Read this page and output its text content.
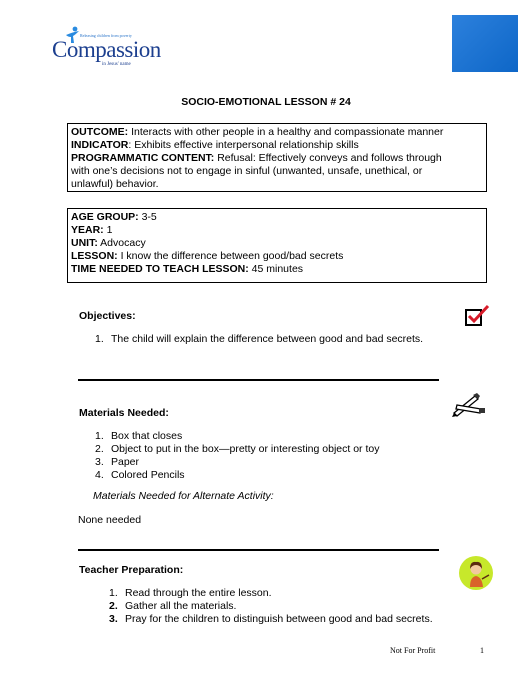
Releasing children from poverty
Compassion
in Jesus' name
SOCIO-EMOTIONAL LESSON # 24
OUTCOME: Interacts with other people in a healthy and compassionate manner
INDICATOR: Exhibits effective interpersonal relationship skills
PROGRAMMATIC CONTENT: Refusal: Effectively conveys and follows through
with one’s decisions not to engage in sinful (unwanted, unsafe, unethical, or
unlawful) behavior.
AGE GROUP: 3-5
YEAR: 1
UNIT: Advocacy
LESSON: I know the difference between good/bad secrets
TIME NEEDED TO TEACH LESSON: 45 minutes
Objectives:
1. The child will explain the difference between good and bad secrets.
Materials Needed:
1. Box that closes
2. Object to put in the box—pretty or interesting object or toy
3. Paper
4. Colored Pencils
Materials Needed for Alternate Activity:
None needed
Teacher Preparation:
1. Read through the entire lesson.
2. Gather all the materials.
3. Pray for the children to distinguish between good and bad secrets.
Not For Profit	1
